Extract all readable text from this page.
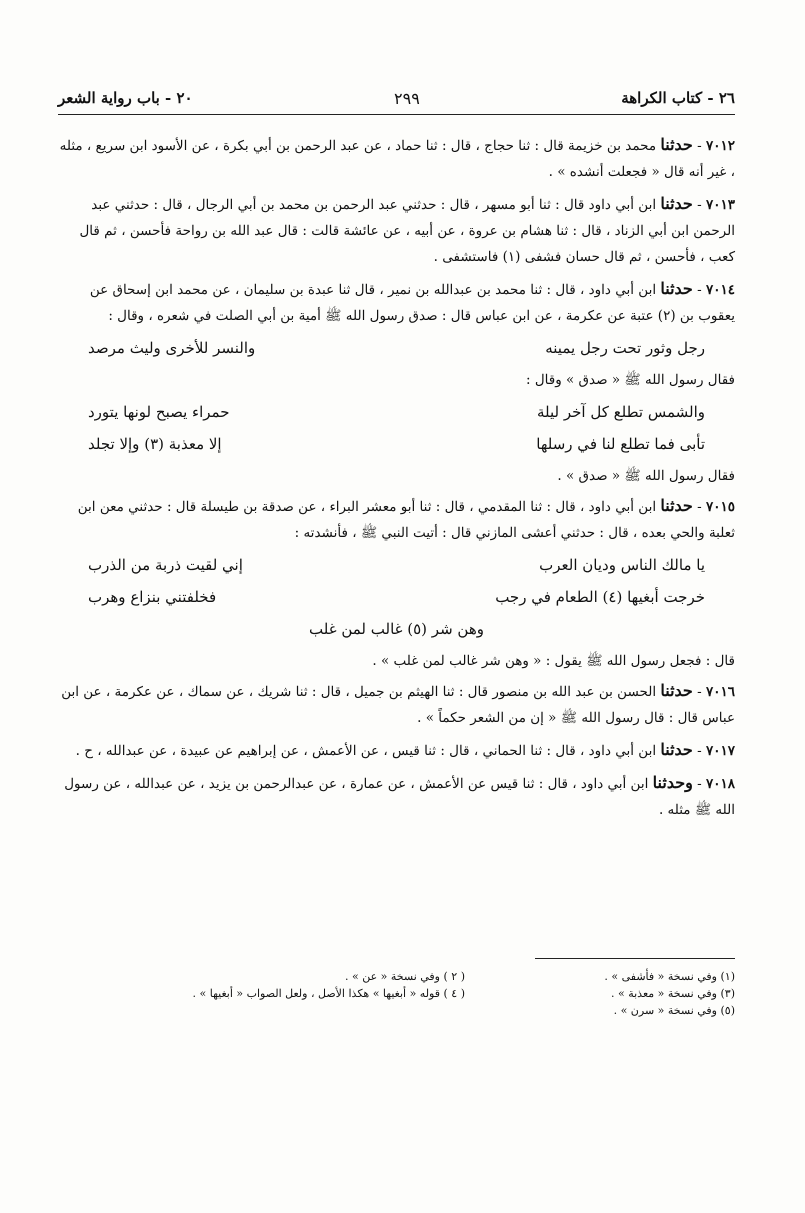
٢٦ - كتاب الكراهة
٢٩٩
٢٠ - باب رواية الشعر

٧٠١٢ - حدثنا محمد بن خزيمة قال : ثنا حجاج ، قال : ثنا حماد ، عن عبد الرحمن بن أبي بكرة ، عن الأسود ابن سريع ، مثله ، غير أنه قال « فجعلت أنشده » .

٧٠١٣ - حدثنا ابن أبي داود قال : ثنا أبو مسهر ، قال : حدثني عبد الرحمن بن محمد بن أبي الرجال ، قال : حدثني عبد الرحمن ابن أبي الزناد ، قال : ثنا هشام بن عروة ، عن أبيه ، عن عائشة قالت : قال عبد الله بن رواحة فأحسن ، ثم قال كعب ، فأحسن ، ثم قال حسان فشفى (١) فاستشفى .

٧٠١٤ - حدثنا ابن أبي داود ، قال : ثنا محمد بن عبدالله بن نمير ، قال ثنا عبدة بن سليمان ، عن محمد ابن إسحاق عن يعقوب بن (٢) عتبة عن عكرمة ، عن ابن عباس قال : صدق رسول الله ﷺ أمية بن أبي الصلت في شعره ، وقال :

رجل وثور تحت رجل يمينه
والنسر للأخرى وليث مرصد

فقال رسول الله ﷺ « صدق » وقال :

والشمس تطلع كل آخر ليلة
حمراء يصبح لونها يتورد
تأبى فما تطلع لنا في رسلها
إلا معذبة (٣) وإلا تجلد

فقال رسول الله ﷺ « صدق » .

٧٠١٥ - حدثنا ابن أبي داود ، قال : ثنا المقدمي ، قال : ثنا أبو معشر البراء ، عن صدقة بن طيسلة قال : حدثني معن ابن ثعلبة والحي بعده ، قال : حدثني أعشى المازني قال : أتيت النبي ﷺ ، فأنشدته :

يا مالك الناس وديان العرب
إني لقيت ذربة من الذرب
خرجت أبغيها (٤) الطعام في رجب
فخلفتني بنزاع وهرب
وهن شر (٥) غالب لمن غلب

قال : فجعل رسول الله ﷺ يقول : « وهن شر غالب لمن غلب » .

٧٠١٦ - حدثنا الحسن بن عبد الله بن منصور قال : ثنا الهيثم بن جميل ، قال : ثنا شريك ، عن سماك ، عن عكرمة ، عن ابن عباس قال : قال رسول الله ﷺ « إن من الشعر حكماً » .

٧٠١٧ - حدثنا ابن أبي داود ، قال : ثنا الحماني ، قال : ثنا قيس ، عن الأعمش ، عن إبراهيم عن عبيدة ، عن عبدالله ، ح .

٧٠١٨ - وحدثنا ابن أبي داود ، قال : ثنا قيس عن الأعمش ، عن عمارة ، عن عبدالرحمن بن يزيد ، عن عبدالله ، عن رسول الله ﷺ مثله .

(١) وفي نسخة « فأشفى » .
(٣) وفي نسخة « معذبة » .
(٥) وفي نسخة « سرن » .
( ٢ ) وفي نسخة « عن » .
( ٤ ) قوله « أبغيها » هكذا الأصل ، ولعل الصواب « أبغيها » .
